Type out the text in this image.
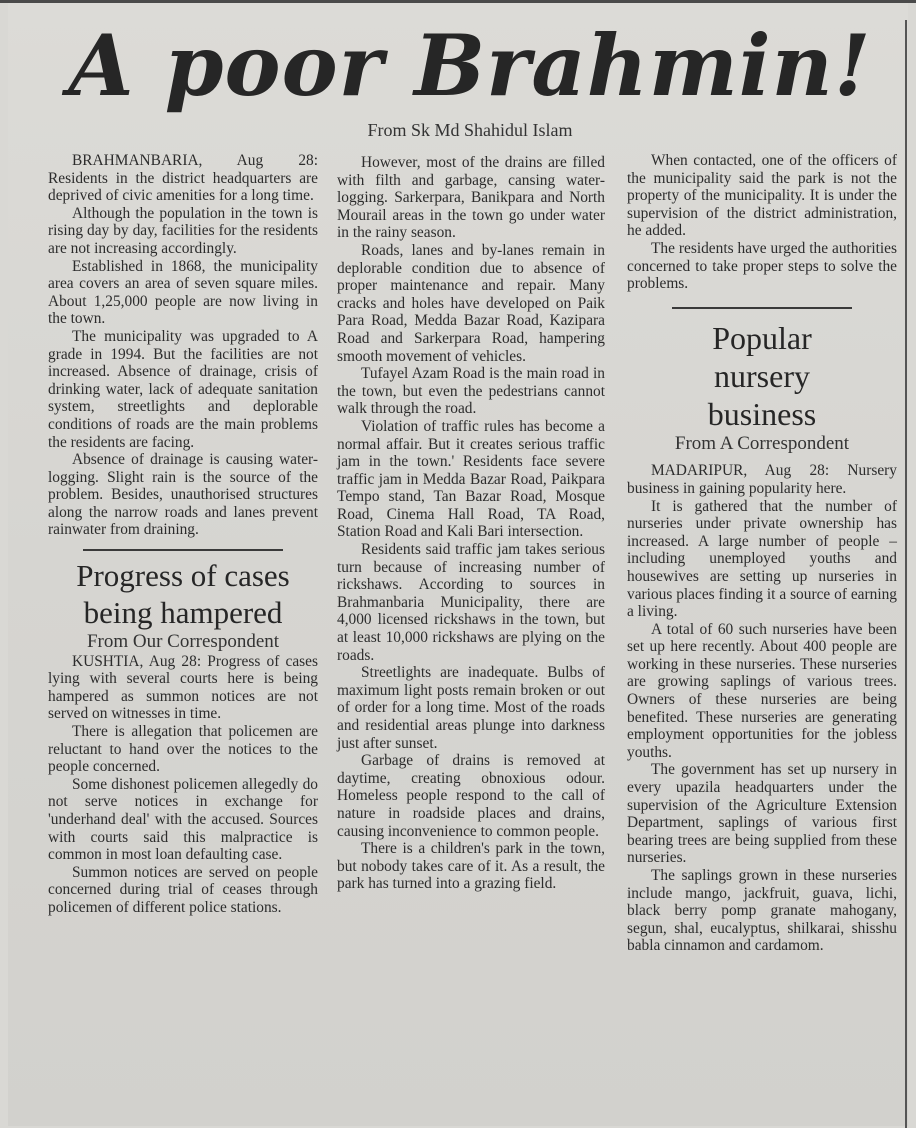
A poor Brahmin!
From Sk Md Shahidul Islam

BRAHMANBARIA, Aug 28: Residents in the district headquarters are deprived of civic amenities for a long time.

Although the population in the town is rising day by day, facilities for the residents are not increasing accordingly.

Established in 1868, the municipality area covers an area of seven square miles. About 1,25,000 people are now living in the town.

The municipality was upgraded to A grade in 1994. But the facilities are not increased. Absence of drainage, crisis of drinking water, lack of adequate sanitation system, streetlights and deplorable conditions of roads are the main problems the residents are facing.

Absence of drainage is causing water-logging. Slight rain is the source of the problem. Besides, unauthorised structures along the narrow roads and lanes prevent rainwater from draining.

Progress of cases being hampered
From Our Correspondent

KUSHTIA, Aug 28: Progress of cases lying with several courts here is being hampered as summon notices are not served on witnesses in time.

There is allegation that policemen are reluctant to hand over the notices to the people concerned.

Some dishonest policemen allegedly do not serve notices in exchange for 'underhand deal' with the accused. Sources with courts said this malpractice is common in most loan defaulting case.

Summon notices are served on people concerned during trial of ceases through policemen of different police stations.

However, most of the drains are filled with filth and garbage, cansing water-logging. Sarkerpara, Banikpara and North Mourail areas in the town go under water in the rainy season.

Roads, lanes and by-lanes remain in deplorable condition due to absence of proper maintenance and repair. Many cracks and holes have developed on Paik Para Road, Medda Bazar Road, Kazipara Road and Sarkerpara Road, hampering smooth movement of vehicles.

Tufayel Azam Road is the main road in the town, but even the pedestrians cannot walk through the road.

Violation of traffic rules has become a normal affair. But it creates serious traffic jam in the town.' Residents face severe traffic jam in Medda Bazar Road, Paikpara Tempo stand, Tan Bazar Road, Mosque Road, Cinema Hall Road, TA Road, Station Road and Kali Bari intersection.

Residents said traffic jam takes serious turn because of increasing number of rickshaws. According to sources in Brahmanbaria Municipality, there are 4,000 licensed rickshaws in the town, but at least 10,000 rickshaws are plying on the roads.

Streetlights are inadequate. Bulbs of maximum light posts remain broken or out of order for a long time. Most of the roads and residential areas plunge into darkness just after sunset.

Garbage of drains is removed at daytime, creating obnoxious odour. Homeless people respond to the call of nature in roadside places and drains, causing inconvenience to common people.

There is a children's park in the town, but nobody takes care of it. As a result, the park has turned into a grazing field.

When contacted, one of the officers of the municipality said the park is not the property of the municipality. It is under the supervision of the district administration, he added.

The residents have urged the authorities concerned to take proper steps to solve the problems.

Popular nursery business
From A Correspondent

MADARIPUR, Aug 28: Nursery business in gaining popularity here.

It is gathered that the number of nurseries under private ownership has increased. A large number of people – including unemployed youths and housewives are setting up nurseries in various places finding it a source of earning a living.

A total of 60 such nurseries have been set up here recently. About 400 people are working in these nurseries. These nurseries are growing saplings of various trees. Owners of these nurseries are being benefited. These nurseries are generating employment opportunities for the jobless youths.

The government has set up nursery in every upazila headquarters under the supervision of the Agriculture Extension Department, saplings of various first bearing trees are being supplied from these nurseries.

The saplings grown in these nurseries include mango, jackfruit, guava, lichi, black berry pomp granate mahogany, segun, shal, eucalyptus, shilkarai, shisshu babla cinnamon and cardamom.
